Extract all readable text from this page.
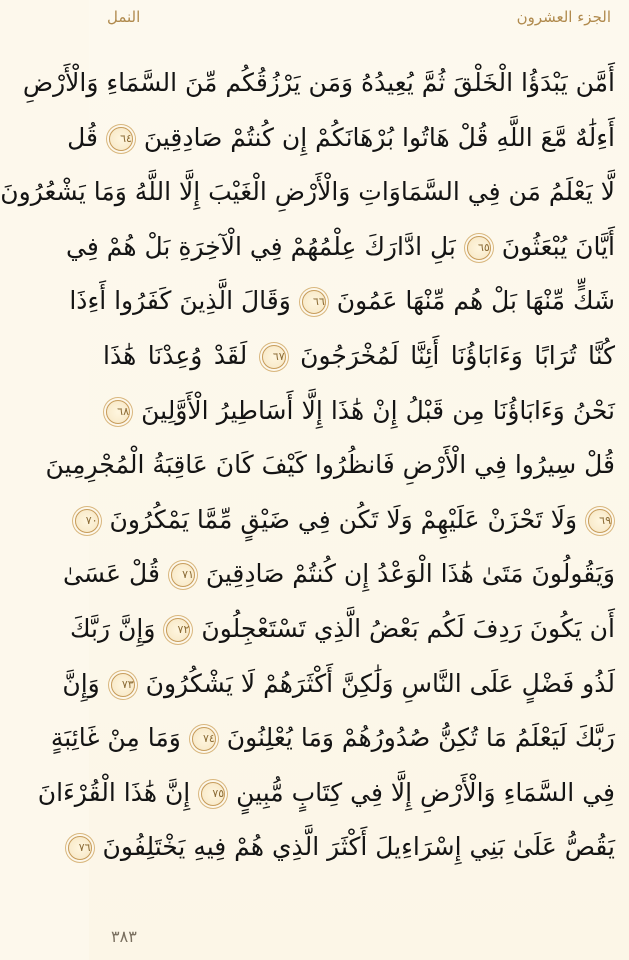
الجزء العشرون
النمل
أَمَّن يَبْدَؤُا الْخَلْقَ ثُمَّ يُعِيدُهُ وَمَن يَرْزُقُكُم مِّنَ السَّمَاءِ وَالْأَرْضِ
أَءِلَٰهٌ مَّعَ اللَّهِ قُلْ هَاتُوا بُرْهَانَكُمْ إِن كُنتُمْ صَادِقِينَ ٦٤ قُل
لَّا يَعْلَمُ مَن فِي السَّمَاوَاتِ وَالْأَرْضِ الْغَيْبَ إِلَّا اللَّهُ وَمَا يَشْعُرُونَ
أَيَّانَ يُبْعَثُونَ ٦٥ بَلِ ادَّارَكَ عِلْمُهُمْ فِي الْآخِرَةِ بَلْ هُمْ فِي
شَكٍّ مِّنْهَا بَلْ هُم مِّنْهَا عَمُونَ ٦٦ وَقَالَ الَّذِينَ كَفَرُوا أَءِذَا
كُنَّا تُرَابًا وَءَابَاؤُنَا أَئِنَّا لَمُخْرَجُونَ ٦٧ لَقَدْ وُعِدْنَا هَٰذَا
نَحْنُ وَءَابَاؤُنَا مِن قَبْلُ إِنْ هَٰذَا إِلَّا أَسَاطِيرُ الْأَوَّلِينَ ٦٨
قُلْ سِيرُوا فِي الْأَرْضِ فَانظُرُوا كَيْفَ كَانَ عَاقِبَةُ الْمُجْرِمِينَ
٦٩ وَلَا تَحْزَنْ عَلَيْهِمْ وَلَا تَكُن فِي ضَيْقٍ مِّمَّا يَمْكُرُونَ ٧٠
وَيَقُولُونَ مَتَىٰ هَٰذَا الْوَعْدُ إِن كُنتُمْ صَادِقِينَ ٧١ قُلْ عَسَىٰ
أَن يَكُونَ رَدِفَ لَكُم بَعْضُ الَّذِي تَسْتَعْجِلُونَ ٧٢ وَإِنَّ رَبَّكَ
لَذُو فَضْلٍ عَلَى النَّاسِ وَلَٰكِنَّ أَكْثَرَهُمْ لَا يَشْكُرُونَ ٧٣ وَإِنَّ
رَبَّكَ لَيَعْلَمُ مَا تُكِنُّ صُدُورُهُمْ وَمَا يُعْلِنُونَ ٧٤ وَمَا مِنْ غَائِبَةٍ
فِي السَّمَاءِ وَالْأَرْضِ إِلَّا فِي كِتَابٍ مُّبِينٍ ٧٥ إِنَّ هَٰذَا الْقُرْءَانَ
يَقُصُّ عَلَىٰ بَنِي إِسْرَاءِيلَ أَكْثَرَ الَّذِي هُمْ فِيهِ يَخْتَلِفُونَ ٧٦
٣٨٣
